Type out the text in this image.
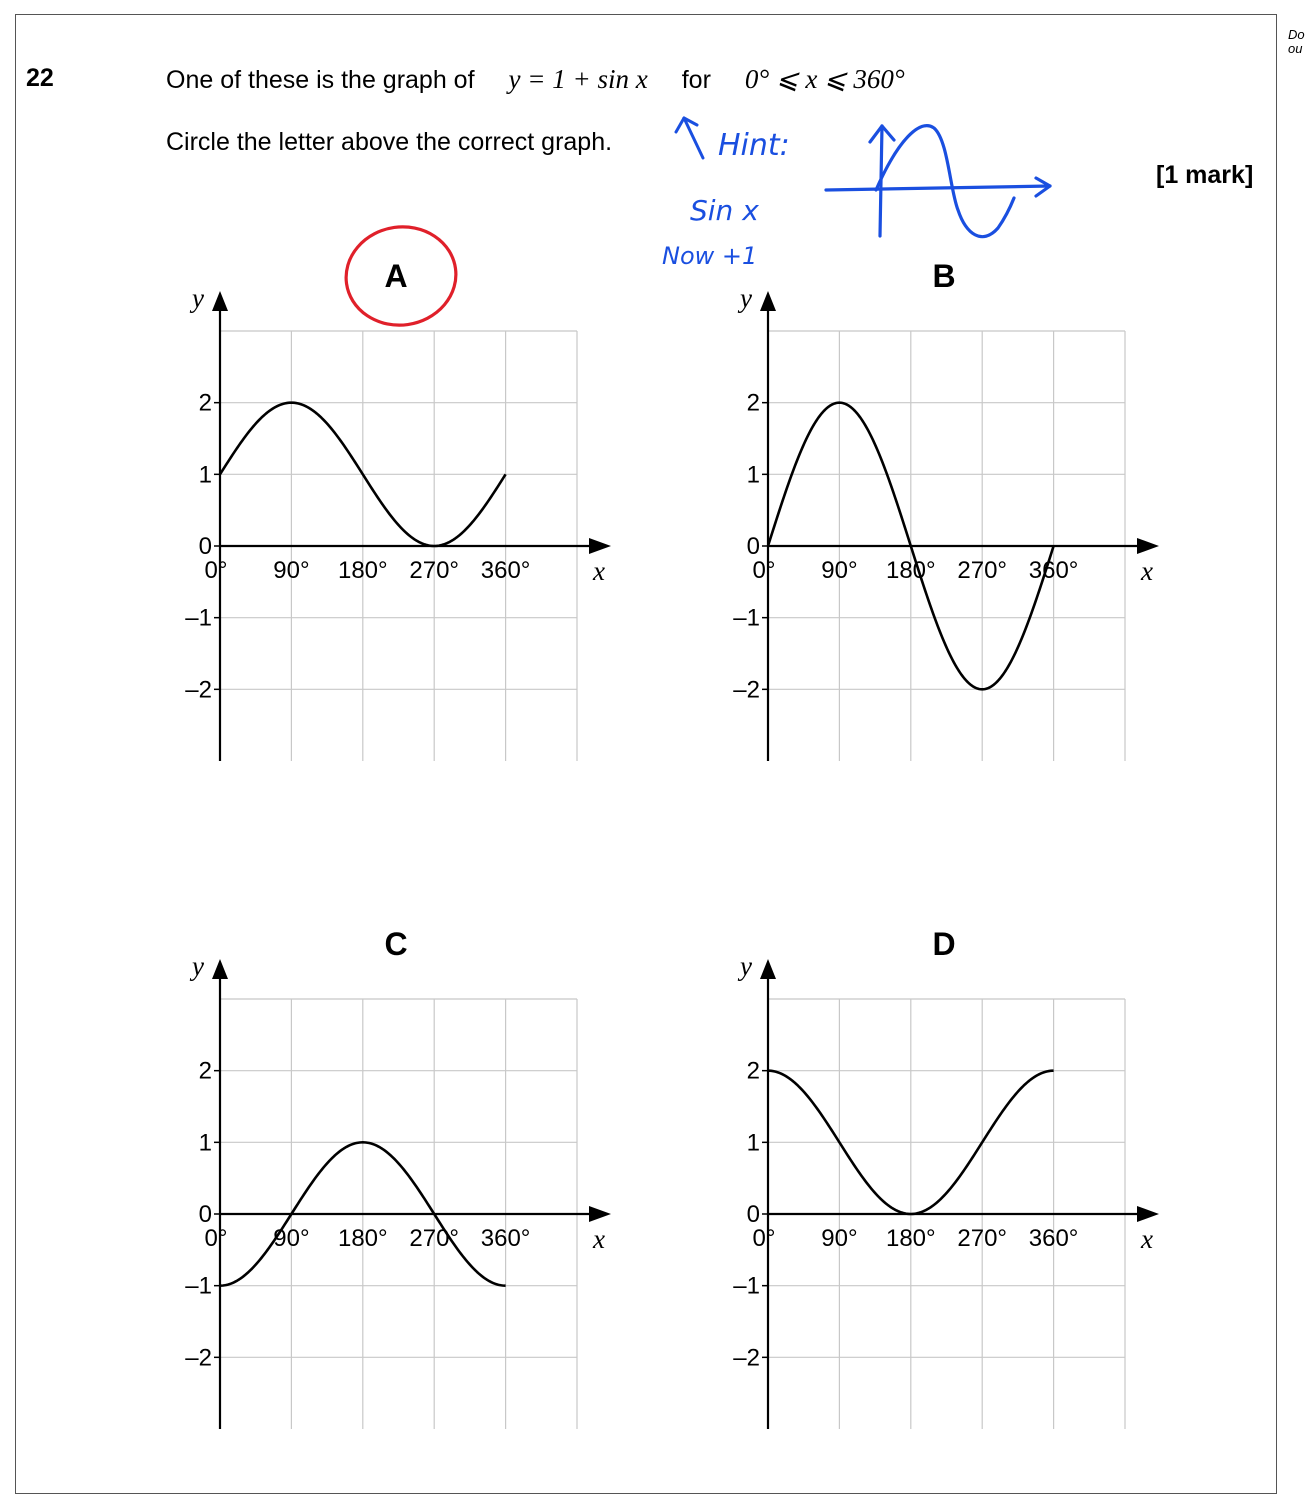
Do
ou
22	One of these is the graph of y = 1 + sin x for 0° ⩽ x ⩽ 360°
Circle the letter above the correct graph.
[1 mark]
A	B
C	D
2
1
0
–1
–2
0° 90° 180° 270° 360°
y
x
2
1
0
–1
–2
0° 90° 180° 270° 360°
y
x
2
1
0
–1
–2
0° 90° 180° 270° 360°
y
x
2
1
0
–1
–2
0° 90° 180° 270° 360°
y
x
Hint:
Sin x
Now +1
